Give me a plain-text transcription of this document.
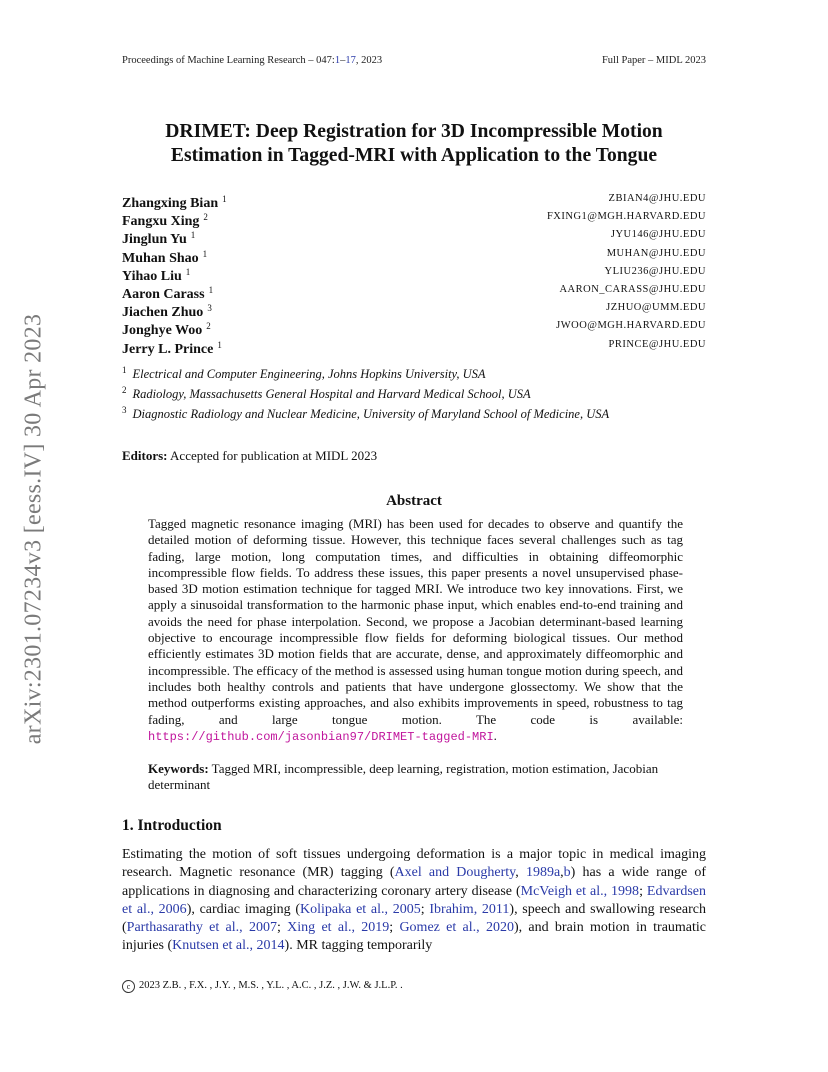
Proceedings of Machine Learning Research – 047:1–17, 2023	Full Paper – MIDL 2023
arXiv:2301.07234v3 [eess.IV] 30 Apr 2023
DRIMET: Deep Registration for 3D Incompressible Motion
Estimation in Tagged-MRI with Application to the Tongue
Zhangxing Bian $^1$	ZBIAN4@JHU.EDU
Fangxu Xing $^2$	FXING1@MGH.HARVARD.EDU
Jinglun Yu $^1$	JYU146@JHU.EDU
Muhan Shao $^1$	MUHAN@JHU.EDU
Yihao Liu $^1$	YLIU236@JHU.EDU
Aaron Carass $^1$	AARON_CARASS@JHU.EDU
Jiachen Zhuo $^3$	JZHUO@UMM.EDU
Jonghye Woo $^2$	JWOO@MGH.HARVARD.EDU
Jerry L. Prince $^1$	PRINCE@JHU.EDU
$^1$ Electrical and Computer Engineering, Johns Hopkins University, USA
$^2$ Radiology, Massachusetts General Hospital and Harvard Medical School, USA
$^3$ Diagnostic Radiology and Nuclear Medicine, University of Maryland School of Medicine, USA
Editors: Accepted for publication at MIDL 2023
Abstract
Tagged magnetic resonance imaging (MRI) has been used for decades to observe and quantify the detailed motion of deforming tissue. However, this technique faces several challenges such as tag fading, large motion, long computation times, and difficulties in obtaining diffeomorphic incompressible flow fields. To address these issues, this paper presents a novel unsupervised phase-based 3D motion estimation technique for tagged MRI. We introduce two key innovations. First, we apply a sinusoidal transformation to the harmonic phase input, which enables end-to-end training and avoids the need for phase interpolation. Second, we propose a Jacobian determinant-based learning objective to encourage incompressible flow fields for deforming biological tissues. Our method efficiently estimates 3D motion fields that are accurate, dense, and approximately diffeomorphic and incompressible. The efficacy of the method is assessed using human tongue motion during speech, and includes both healthy controls and patients that have undergone glossectomy. We show that the method outperforms existing approaches, and also exhibits improvements in speed, robustness to tag fading, and large tongue motion. The code is available: https://github.com/jasonbian97/DRIMET-tagged-MRI.
Keywords: Tagged MRI, incompressible, deep learning, registration, motion estimation, Jacobian determinant
1. Introduction
Estimating the motion of soft tissues undergoing deformation is a major topic in medical imaging research. Magnetic resonance (MR) tagging (Axel and Dougherty, 1989a,b) has a wide range of applications in diagnosing and characterizing coronary artery disease (McVeigh et al., 1998; Edvardsen et al., 2006), cardiac imaging (Kolipaka et al., 2005; Ibrahim, 2011), speech and swallowing research (Parthasarathy et al., 2007; Xing et al., 2019; Gomez et al., 2020), and brain motion in traumatic injuries (Knutsen et al., 2014). MR tagging temporarily
c 2023 Z.B. , F.X. , J.Y. , M.S. , Y.L. , A.C. , J.Z. , J.W. & J.L.P. .
